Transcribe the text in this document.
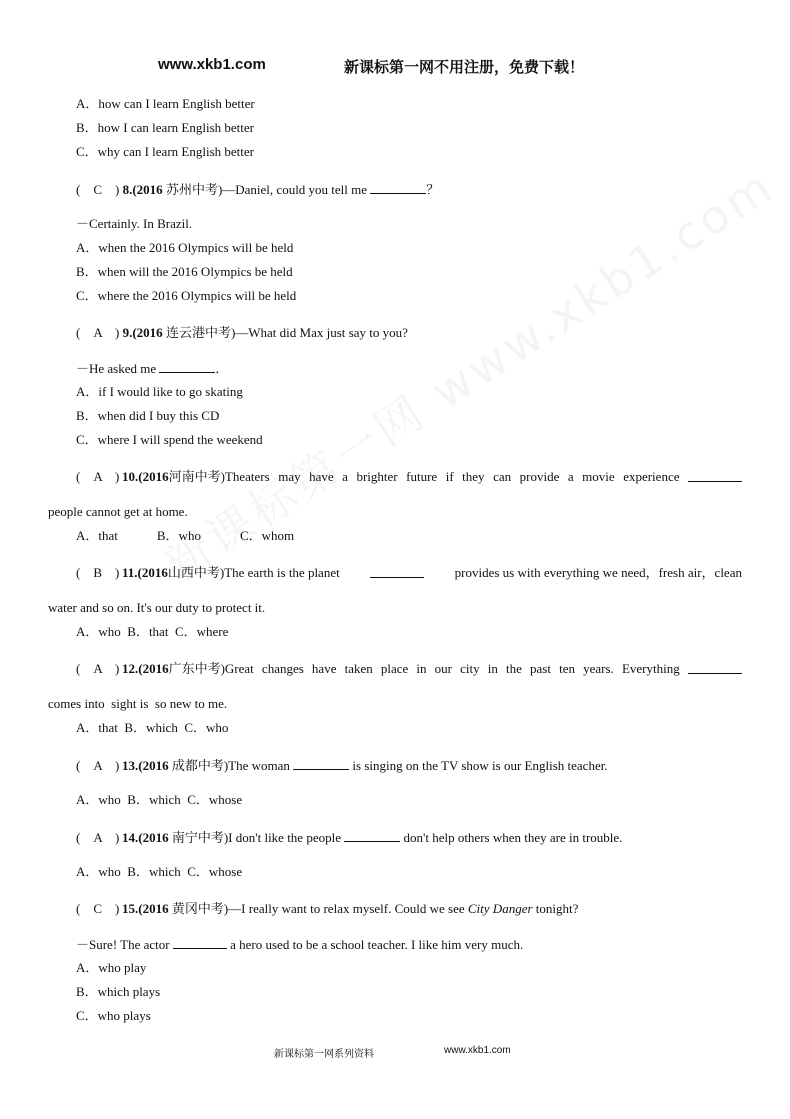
www.xkb1.com	新课标第一网不用注册，免费下载！
A．how can I learn English better
B．how I can learn English better
C．why can I learn English better
(　C　) 8.(2016 苏州中考)—Daniel, could you tell me	？
－Certainly. In Brazil.
A．when the 2016 Olympics will be held
B．when will the 2016 Olympics be held
C．where the 2016 Olympics will be held
(　A　) 9.(2016 连云港中考)—What did Max just say to you?
－He asked me	．
A．if I would like to go skating
B．when did I buy this CD
C．where I will spend the weekend
(　A　) 10.(2016 河南中考)Theaters may have a brighter future if they can provide a movie experience
people cannot get at home.
A．that　　　B．who　　　C．whom
(　B　) 11.(2016 山西中考)The earth is the planet	provides us with everything we need，fresh air，clean
water and so on. It's our duty to protect it.
A．who  B．that  C．where
(　A　) 12.(2016 广东中考)Great changes have taken place in our city in the past ten years. Everything
comes into  sight is  so new to me.
A．that  B．which  C．who
(　A　) 13.(2016 成都中考)The woman	is singing on the TV show is our English teacher.
A．who  B．which  C．whose
(　A　) 14.(2016 南宁中考)I don't like the people	don't help others when they are in trouble.
A．who  B．which  C．whose
(　C　) 15.(2016 黄冈中考)—I really want to relax myself. Could we see City Danger tonight?
－Sure! The actor	a hero used to be a school teacher. I like him very much.
A．who play
B．which plays
C．who plays
新课标第一网系列资料	www.xkb1.com
